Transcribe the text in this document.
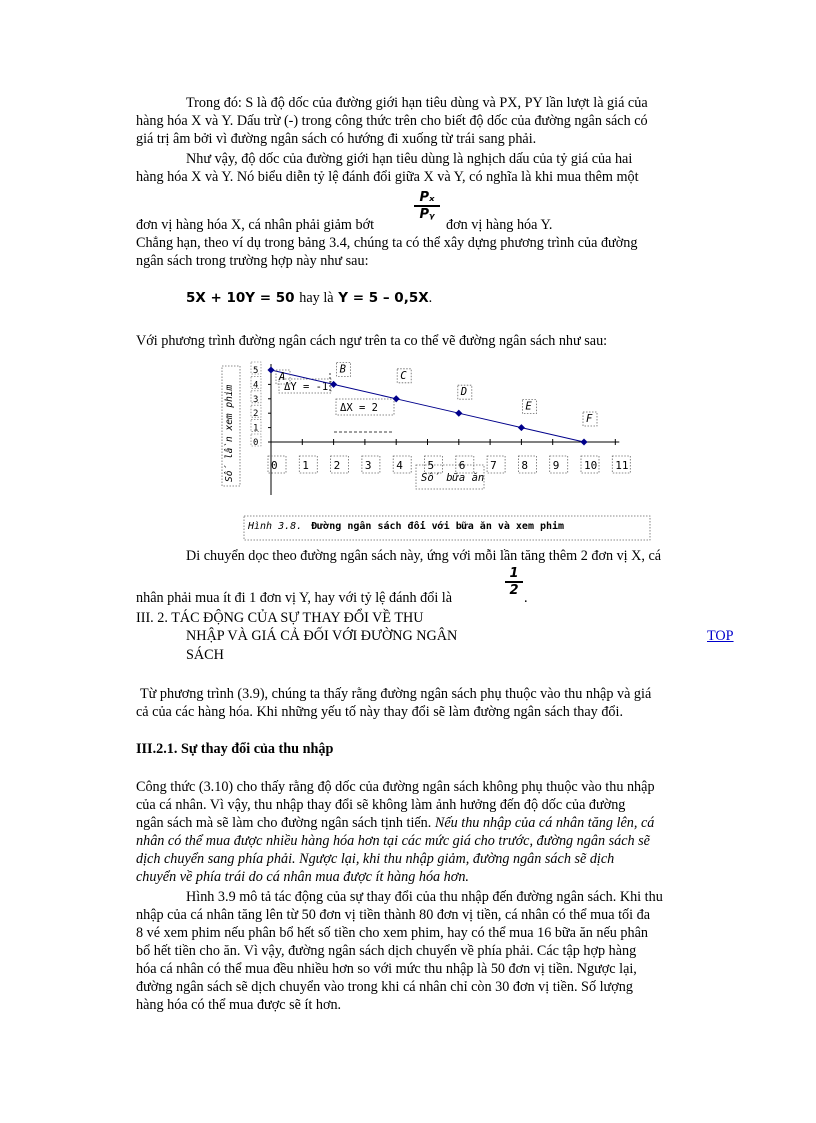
Trong đó: S là độ dốc của đường giới hạn tiêu dùng và PX, PY lần lượt là giá của
hàng hóa X và Y. Dấu trừ (-) trong công thức trên cho biết độ dốc của đường ngân sách có
giá trị âm bởi vì đường ngân sách có hướng đi xuống từ trái sang phải.
Như vậy, độ dốc của đường giới hạn tiêu dùng là nghịch dấu của tỷ giá của hai
hàng hóa X và Y. Nó biểu diễn tỷ lệ đánh đổi giữa X và Y, có nghĩa là khi mua thêm một
$\frac{\text{Pₓ}}{\text{Pᵧ}}$
đơn vị hàng hóa X, cá nhân phải giảm bớt	đơn vị hàng hóa Y.
Chẳng hạn, theo ví dụ trong bảng 3.4, chúng ta có thể xây dựng phương trình của đường
ngân sách trong trường hợp này như sau:
5X + 10Y = 50 hay là Y = 5 – 0,5X.
Với phương trình đường ngân cách ngư trên ta co thể vẽ đường ngân sách như sau:
Số lần xem phim	Số bữa ăn
ΔY = -1
ΔX = 2
0 1 2 3 4 5 6 7 8 9 10 11
0
1
2
3
4
5 A
B
C
D
E
F
Hình 3.8. Đường ngân sách đối với bữa ăn và xem phim
Di chuyển dọc theo đường ngân sách này, ứng với mỗi lần tăng thêm 2 đơn vị X, cá
$\frac{1}{2}$
nhân phải mua ít đi 1 đơn vị Y, hay với tỷ lệ đánh đổi là	.
III. 2. TÁC ĐỘNG CỦA SỰ THAY ĐỔI VỀ THU
NHẬP VÀ GIÁ CẢ ĐỐI VỚI ĐƯỜNG NGÂN
SÁCH
TOP
Từ phương trình (3.9), chúng ta thấy rằng đường ngân sách phụ thuộc vào thu nhập và giá
cả của các hàng hóa. Khi những yếu tố này thay đổi sẽ làm đường ngân sách thay đổi.
III.2.1. Sự thay đổi của thu nhập
Công thức (3.10) cho thấy rằng độ dốc của đường ngân sách không phụ thuộc vào thu nhập
của cá nhân. Vì vậy, thu nhập thay đổi sẽ không làm ảnh hưởng đến độ dốc của đường
ngân sách mà sẽ làm cho đường ngân sách tịnh tiến. Nếu thu nhập của cá nhân tăng lên, cá
nhân có thể mua được nhiều hàng hóa hơn tại các mức giá cho trước, đường ngân sách sẽ
dịch chuyển sang phía phải. Ngược lại, khi thu nhập giảm, đường ngân sách sẽ dịch
chuyển về phía trái do cá nhân mua được ít hàng hóa hơn.
Hình 3.9 mô tả tác động của sự thay đổi của thu nhập đến đường ngân sách. Khi thu
nhập của cá nhân tăng lên từ 50 đơn vị tiền thành 80 đơn vị tiền, cá nhân có thể mua tối đa
8 vé xem phim nếu phân bổ hết số tiền cho xem phim, hay có thể mua 16 bữa ăn nếu phân
bổ hết tiền cho ăn. Vì vậy, đường ngân sách dịch chuyển về phía phải. Các tập hợp hàng
hóa cá nhân có thể mua đều nhiều hơn so với mức thu nhập là 50 đơn vị tiền. Ngược lại,
đường ngân sách sẽ dịch chuyển vào trong khi cá nhân chỉ còn 30 đơn vị tiền. Số lượng
hàng hóa có thể mua được sẽ ít hơn.
